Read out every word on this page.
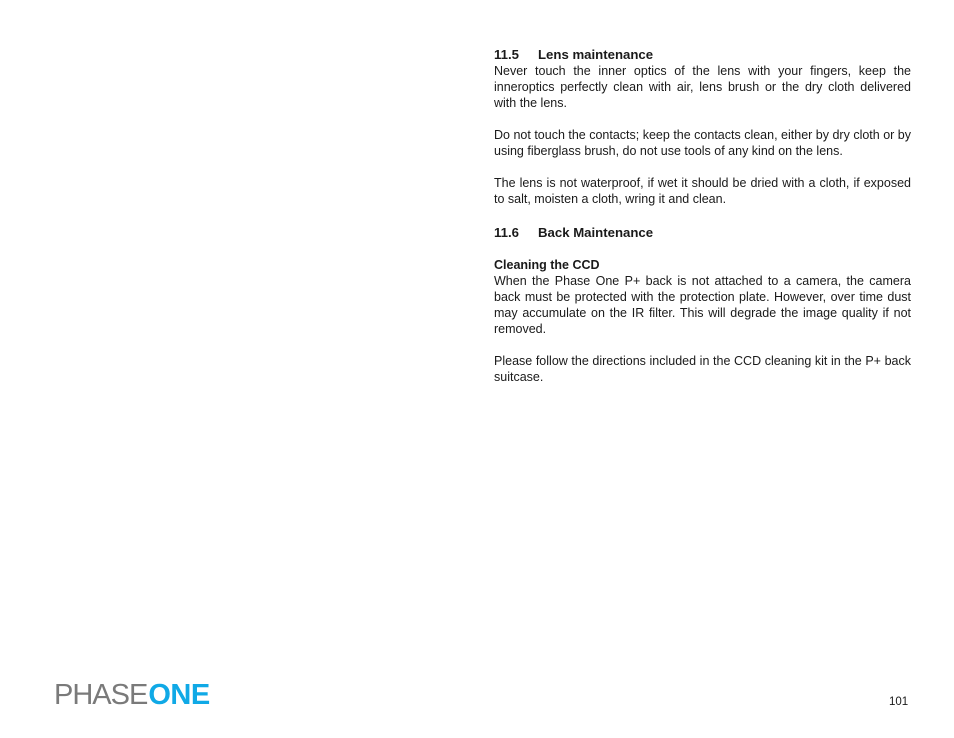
11.5	Lens maintenance

Never touch the inner optics of the lens with your fingers, keep the inneroptics perfectly clean with air, lens brush or the dry cloth delivered with the lens.

Do not touch the contacts; keep the contacts clean, either by dry cloth or by using fiberglass brush, do not use tools of any kind on the lens.

The lens is not waterproof, if wet it should be dried with a cloth, if exposed to salt, moisten a cloth, wring it and clean.

11.6	Back Maintenance

Cleaning the CCD

When the Phase One P+ back is not attached to a camera, the camera back must be protected with the protection plate. However, over time dust may accumulate on the IR filter. This will degrade the image quality if not removed.

Please follow the directions included in the CCD cleaning kit in the P+ back suitcase.

PHASE ONE	101
